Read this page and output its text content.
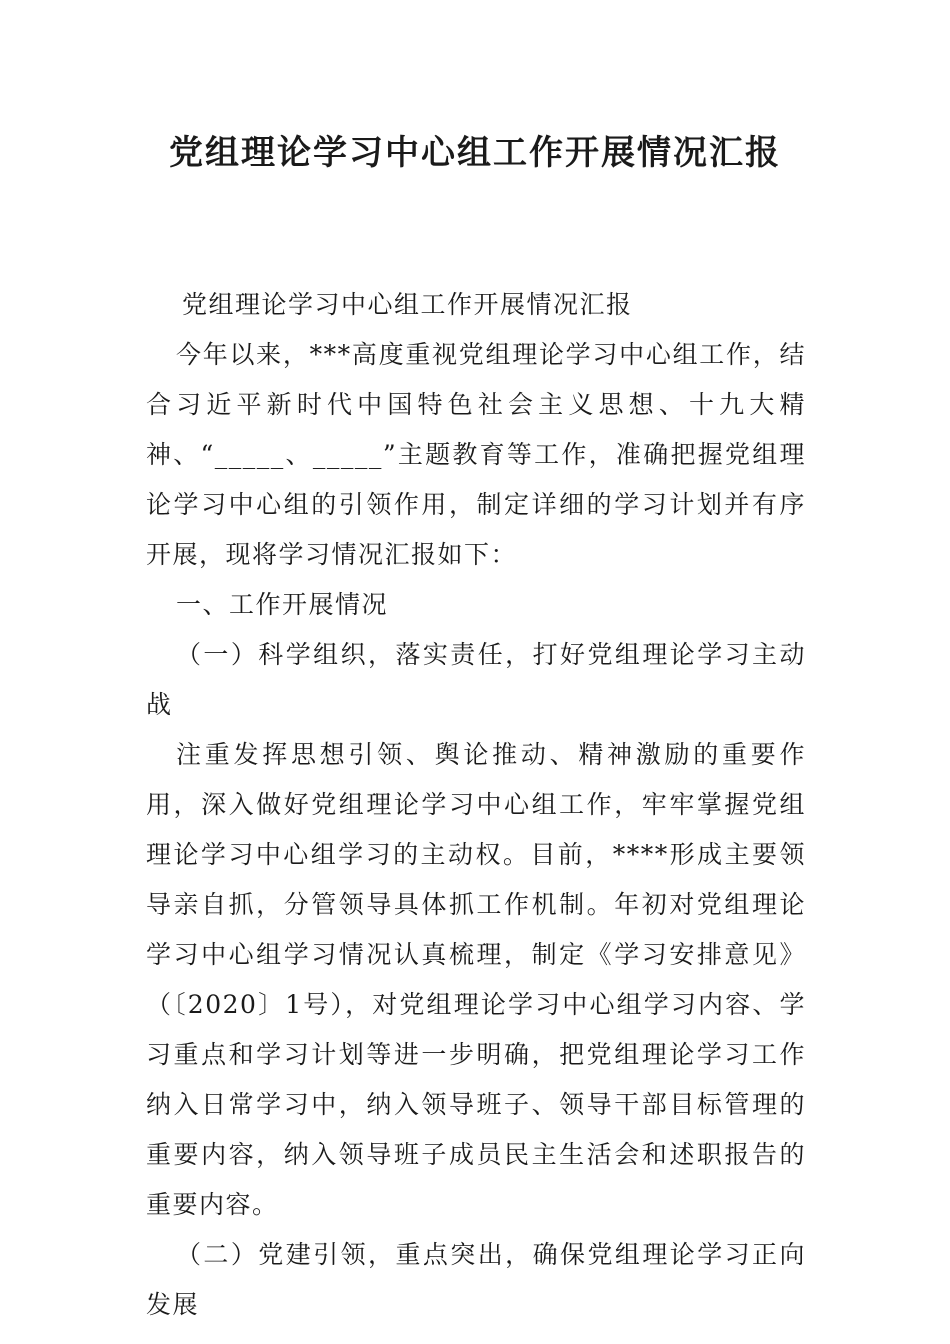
党组理论学习中心组工作开展情况汇报

党组理论学习中心组工作开展情况汇报

今年以来，***高度重视党组理论学习中心组工作，结合习近平新时代中国特色社会主义思想、十九大精神、“_____、_____”主题教育等工作，准确把握党组理论学习中心组的引领作用，制定详细的学习计划并有序开展，现将学习情况汇报如下：

一、工作开展情况

（一）科学组织，落实责任，打好党组理论学习主动战

注重发挥思想引领、舆论推动、精神激励的重要作用，深入做好党组理论学习中心组工作，牢牢掌握党组理论学习中心组学习的主动权。目前，****形成主要领导亲自抓，分管领导具体抓工作机制。年初对党组理论学习中心组学习情况认真梳理，制定《学习安排意见》（〔2020〕1号），对党组理论学习中心组学习内容、学习重点和学习计划等进一步明确，把党组理论学习工作纳入日常学习中，纳入领导班子、领导干部目标管理的重要内容，纳入领导班子成员民主生活会和述职报告的重要内容。

（二）党建引领，重点突出，确保党组理论学习正向发展
